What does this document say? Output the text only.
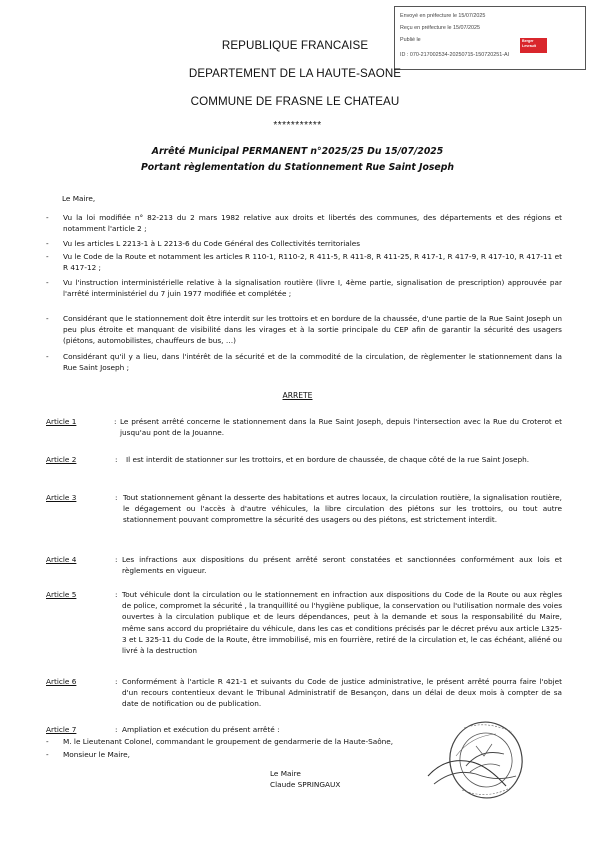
Envoyé en préfecture le 15/07/2025
Reçu en préfecture le 15/07/2025
Publié le
ID : 070-217002534-20250715-150720251-AI
Berger Levrault
REPUBLIQUE FRANCAISE
DEPARTEMENT DE LA HAUTE-SAONE
COMMUNE DE FRASNE LE CHATEAU
***********
Arrêté Municipal PERMANENT n°2025/25 Du 15/07/2025
Portant règlementation du Stationnement Rue Saint Joseph
Le Maire,
- Vu la loi modifiée n° 82-213 du 2 mars 1982 relative aux droits et libertés des communes, des départements et des régions et notamment l'article 2 ;
- Vu les articles L 2213-1 à L 2213-6 du Code Général des Collectivités territoriales
- Vu le Code de la Route et notamment les articles R 110-1, R110-2, R 411-5, R 411-8, R 411-25, R 417-1, R 417-9, R 417-10, R 417-11 et R 417-12 ;
- Vu l'instruction interministérielle relative à la signalisation routière (livre I, 4ème partie, signalisation de prescription) approuvée par l'arrêté interministériel du 7 juin 1977 modifiée et complétée ;
- Considérant que le stationnement doit être interdit sur les trottoirs et en bordure de la chaussée, d'une partie de la Rue Saint Joseph un peu plus étroite et manquant de visibilité dans les virages et à la sortie principale du CEP afin de garantir la sécurité des usagers (piétons, automobilistes, chauffeurs de bus, …)
- Considérant qu'il y a lieu, dans l'intérêt de la sécurité et de la commodité de la circulation, de règlementer le stationnement dans la Rue Saint Joseph ;
ARRETE
Article 1	: Le présent arrêté concerne le stationnement dans la Rue Saint Joseph, depuis l'intersection avec la Rue du Croterot et jusqu'au pont de la Jouanne.
Article 2	: Il est interdit de stationner sur les trottoirs, et en bordure de chaussée, de chaque côté de la rue Saint Joseph.
Article 3	: Tout stationnement gênant la desserte des habitations et autres locaux, la circulation routière, la signalisation routière, le dégagement ou l'accès à d'autre véhicules, la libre circulation des piétons sur les trottoirs, ou tout autre stationnement pouvant compromettre la sécurité des usagers ou des piétons, est strictement interdit.
Article 4	: Les infractions aux dispositions du présent arrêté seront constatées et sanctionnées conformément aux lois et règlements en vigueur.
Article 5	: Tout véhicule dont la circulation ou le stationnement en infraction aux dispositions du Code de la Route ou aux règles de police, compromet la sécurité , la tranquillité ou l'hygiène publique, la conservation ou l'utilisation normale des voies ouvertes à la circulation publique et de leurs dépendances, peut à la demande et sous la responsabilité du Maire, même sans accord du propriétaire du véhicule, dans les cas et conditions précisés par le décret prévu aux article L325-3 et L 325-11 du Code de la Route, être immobilisé, mis en fourrière, retiré de la circulation et, le cas échéant, aliéné ou livré à la destruction
Article 6	: Conformément à l'article R 421-1 et suivants du Code de justice administrative, le présent arrêté pourra faire l'objet d'un recours contentieux devant le Tribunal Administratif de Besançon, dans un délai de deux mois à compter de sa date de notification ou de publication.
Article 7	: Ampliation et exécution du présent arrêté :
- M. le Lieutenant Colonel, commandant le groupement de gendarmerie de la Haute-Saône,
- Monsieur le Maire,
Le Maire
Claude SPRINGAUX
